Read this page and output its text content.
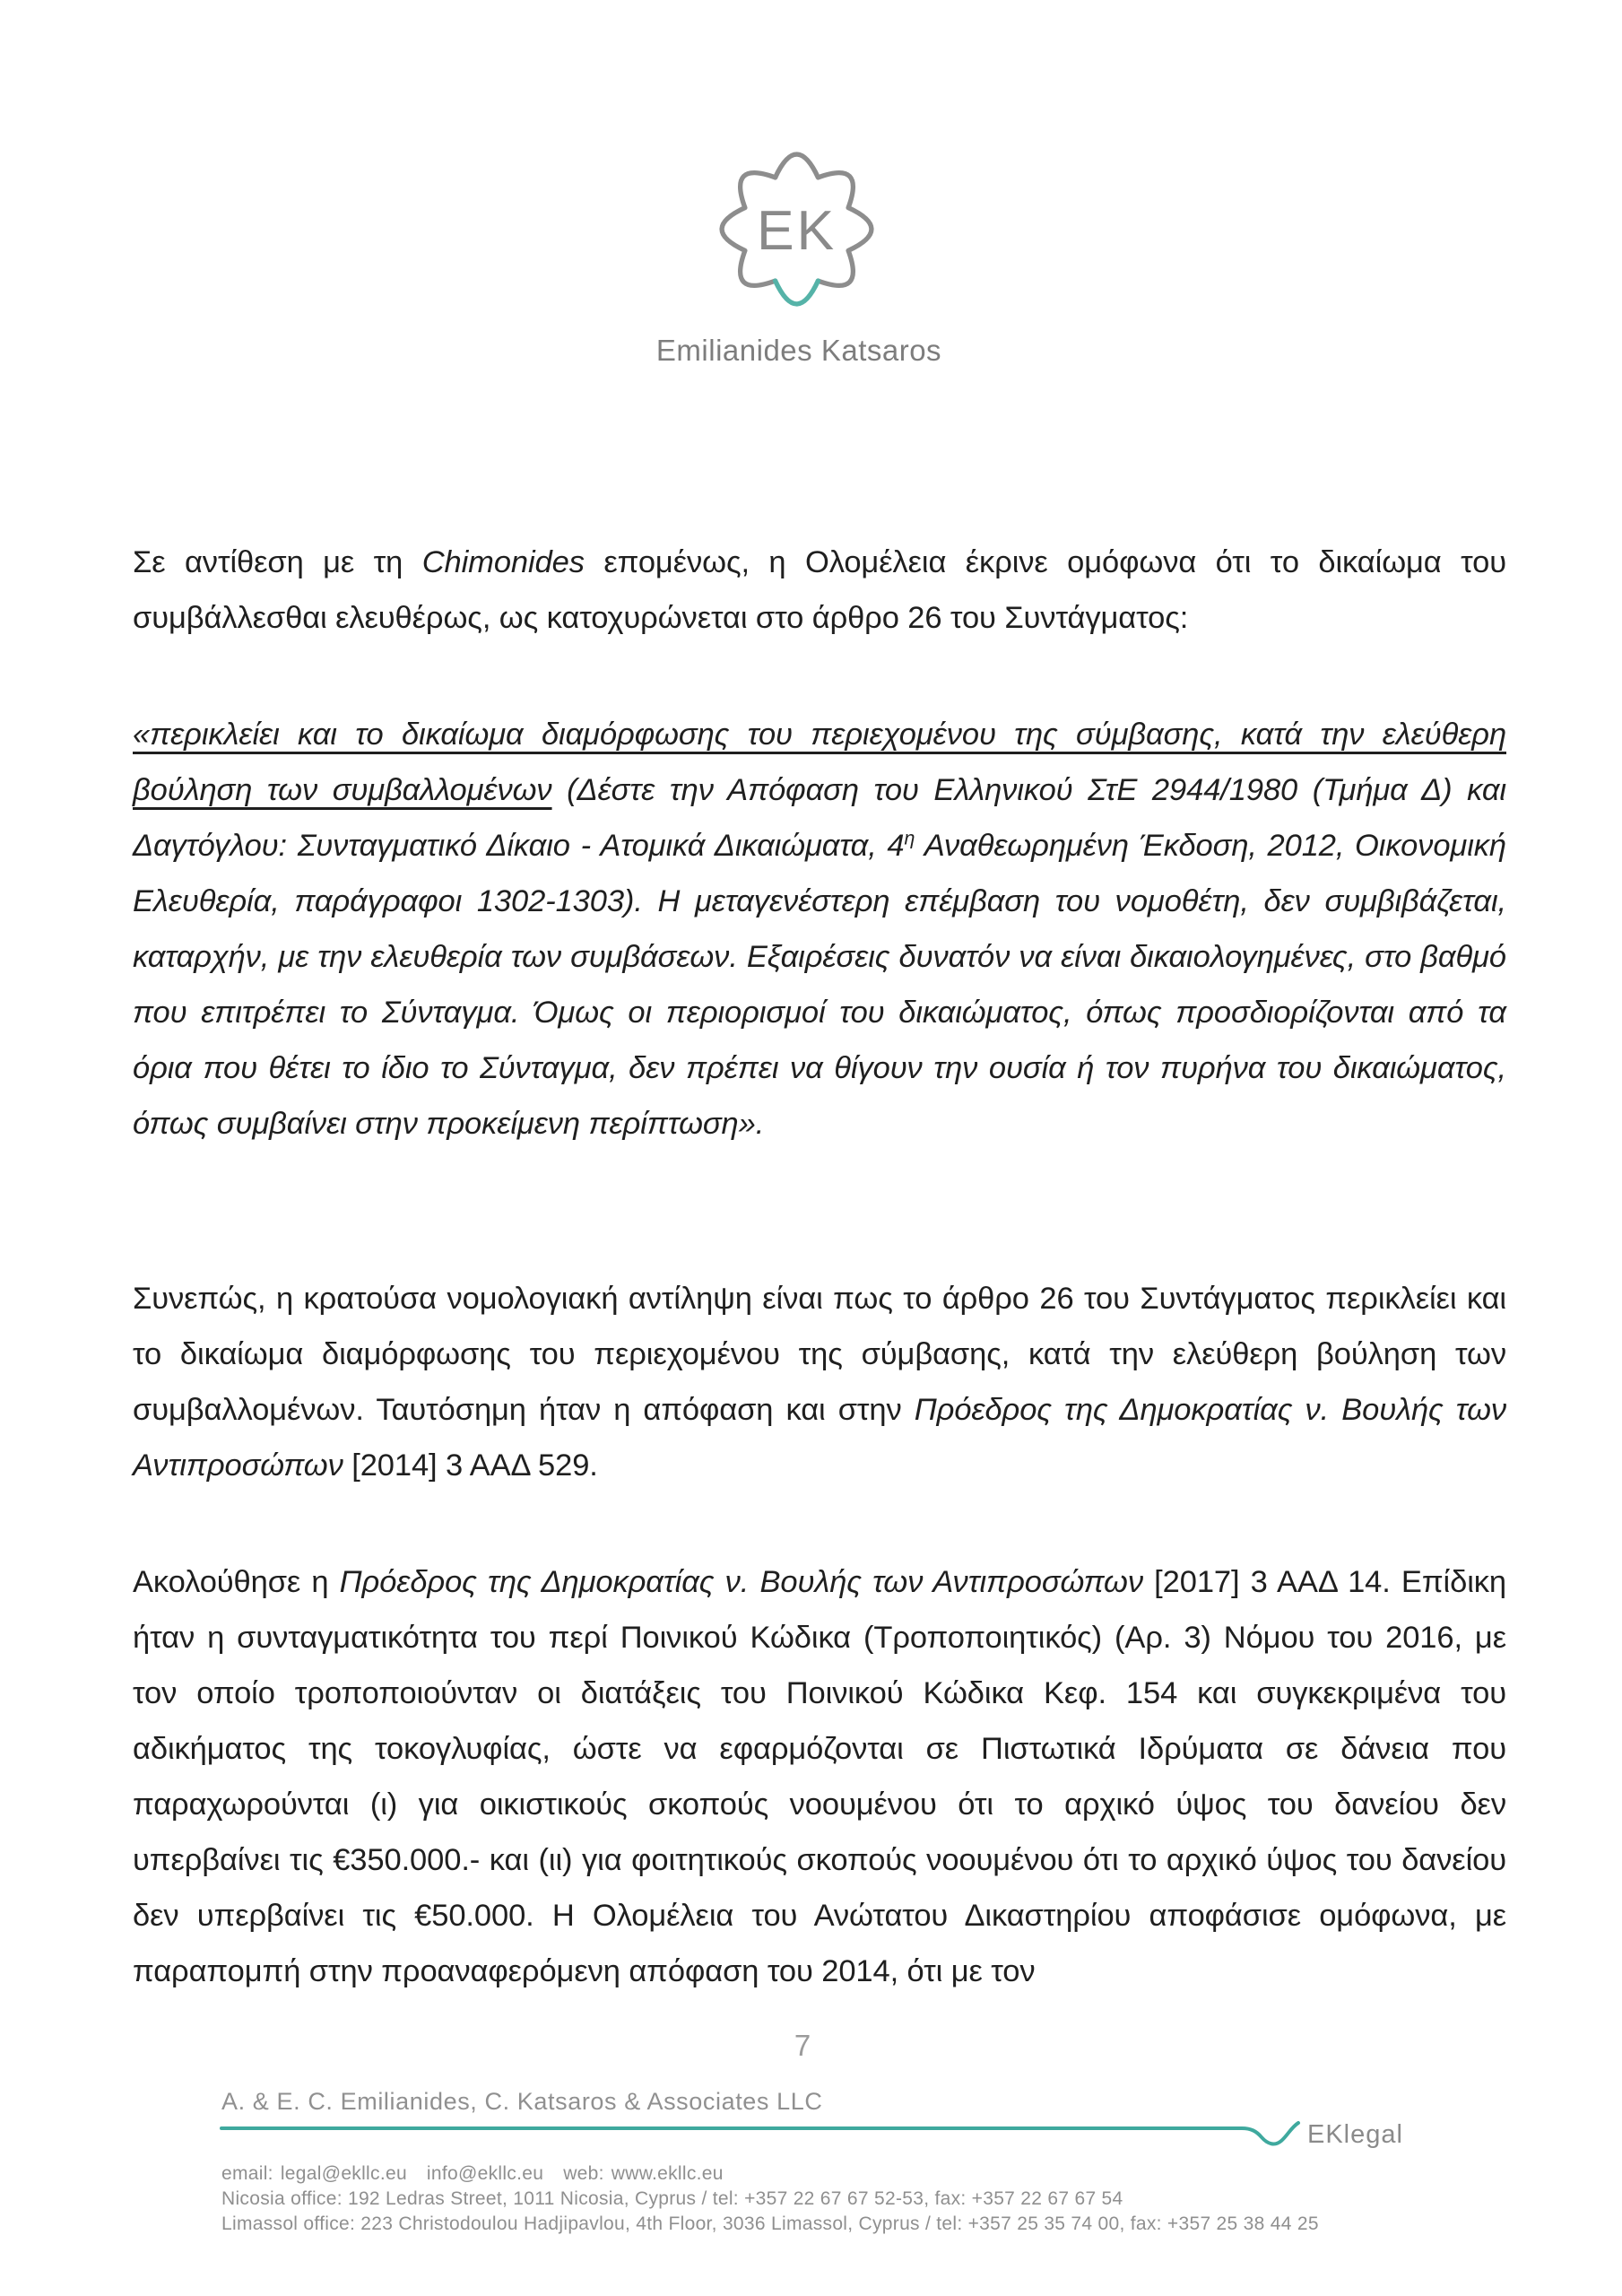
EK
Emilianides Katsaros

Σε αντίθεση με τη Chimonides επομένως, η Ολομέλεια έκρινε ομόφωνα ότι το δικαίωμα του συμβάλλεσθαι ελευθέρως, ως κατοχυρώνεται στο άρθρο 26 του Συντάγματος:

«περικλείει και το δικαίωμα διαμόρφωσης του περιεχομένου της σύμβασης, κατά την ελεύθερη βούληση των συμβαλλομένων (Δέστε την Απόφαση του Ελληνικού ΣτΕ 2944/1980 (Τμήμα Δ) και Δαγτόγλου: Συνταγματικό Δίκαιο - Ατομικά Δικαιώματα, $4^\eta$ Αναθεωρημένη Έκδοση, 2012, Οικονομική Ελευθερία, παράγραφοι 1302-1303). Η μεταγενέστερη επέμβαση του νομοθέτη, δεν συμβιβάζεται, καταρχήν, με την ελευθερία των συμβάσεων. Εξαιρέσεις δυνατόν να είναι δικαιολογημένες, στο βαθμό που επιτρέπει το Σύνταγμα. Όμως οι περιορισμοί του δικαιώματος, όπως προσδιορίζονται από τα όρια που θέτει το ίδιο το Σύνταγμα, δεν πρέπει να θίγουν την ουσία ή τον πυρήνα του δικαιώματος, όπως συμβαίνει στην προκείμενη περίπτωση».

Συνεπώς, η κρατούσα νομολογιακή αντίληψη είναι πως το άρθρο 26 του Συντάγματος περικλείει και το δικαίωμα διαμόρφωσης του περιεχομένου της σύμβασης, κατά την ελεύθερη βούληση των συμβαλλομένων. Ταυτόσημη ήταν η απόφαση και στην Πρόεδρος της Δημοκρατίας ν. Βουλής των Αντιπροσώπων [2014] 3 ΑΑΔ 529.

Ακολούθησε η Πρόεδρος της Δημοκρατίας ν. Βουλής των Αντιπροσώπων [2017] 3 ΑΑΔ 14. Επίδικη ήταν η συνταγματικότητα του περί Ποινικού Κώδικα (Τροποποιητικός) (Αρ. 3) Νόμου του 2016, με τον οποίο τροποποιούνταν οι διατάξεις του Ποινικού Κώδικα Κεφ. 154 και συγκεκριμένα του αδικήματος της τοκογλυφίας, ώστε να εφαρμόζονται σε Πιστωτικά Ιδρύματα σε δάνεια που παραχωρούνται (ι) για οικιστικούς σκοπούς νοουμένου ότι το αρχικό ύψος του δανείου δεν υπερβαίνει τις €350.000.- και (ιι) για φοιτητικούς σκοπούς νοουμένου ότι το αρχικό ύψος του δανείου δεν υπερβαίνει τις €50.000. Η Ολομέλεια του Ανώτατου Δικαστηρίου αποφάσισε ομόφωνα, με παραπομπή στην προαναφερόμενη απόφαση του 2014, ότι με τον

7
A. & E. C. Emilianides, C. Katsaros & Associates LLC
EKlegal
email: legal@ekllc.eu info@ekllc.eu web: www.ekllc.eu
Nicosia office: 192 Ledras Street, 1011 Nicosia, Cyprus / tel: +357 22 67 67 52-53, fax: +357 22 67 67 54
Limassol office: 223 Christodoulou Hadjipavlou, 4th Floor, 3036 Limassol, Cyprus / tel: +357 25 35 74 00, fax: +357 25 38 44 25
